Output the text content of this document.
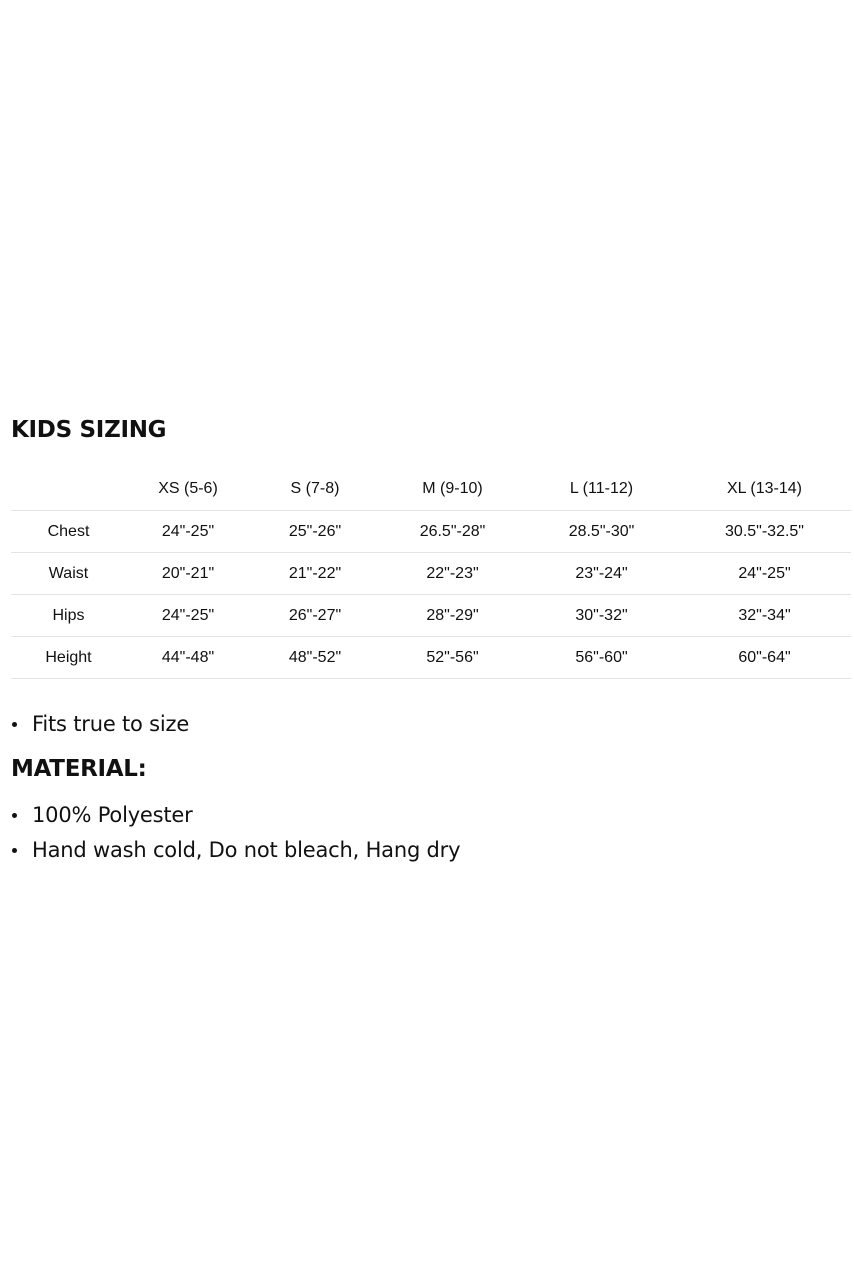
KIDS SIZING
	XS (5-6)	S (7-8)	M (9-10)	L (11-12)	XL (13-14)
Chest	24"-25"	25"-26"	26.5"-28"	28.5"-30"	30.5"-32.5"
Waist	20"-21"	21"-22"	22"-23"	23"-24"	24"-25"
Hips	24"-25"	26"-27"	28"-29"	30"-32"	32"-34"
Height	44"-48"	48"-52"	52"-56"	56"-60"	60"-64"
Fits true to size
MATERIAL:
100% Polyester
Hand wash cold, Do not bleach, Hang dry
